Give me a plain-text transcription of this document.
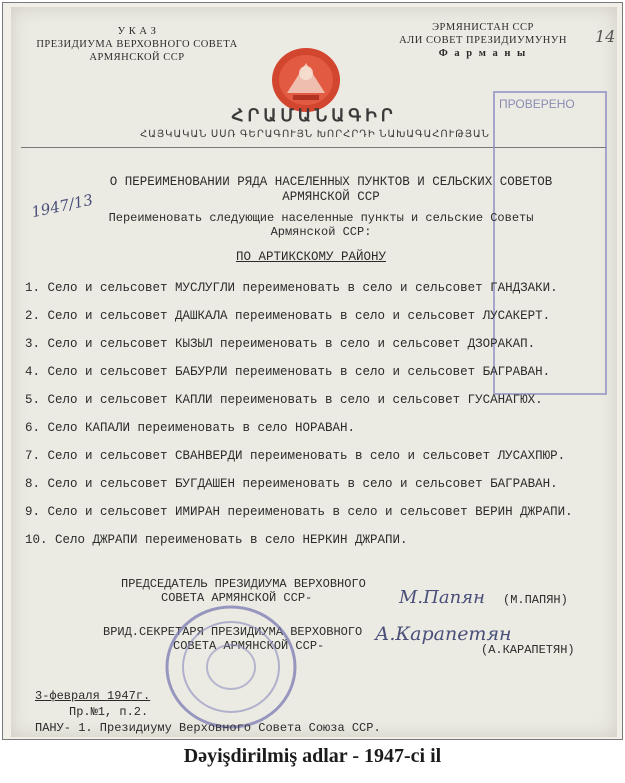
У К А З
ПРЕЗИДИУМА ВЕРХОВНОГО СОВЕТА
АРМЯНСКОЙ ССР
ЭРМЯНИСТАН ССР
АЛИ СОВЕТ ПРЕЗИДИУМУНУН
Ф а р м а н ы
14
ՀՐԱՄԱՆԱԳԻՐ
ՀԱՅԿԱԿԱՆ ՍՍՌ ԳԵՐԱԳՈՒՅՆ ԽՈՐՀՐԴԻ ՆԱԽԱԳԱՀՈՒԹՅԱՆ
ПРОВЕРЕНО
1947/13
О ПЕРЕИМЕНОВАНИИ РЯДА НАСЕЛЕННЫХ ПУНКТОВ И СЕЛЬСКИХ СОВЕТОВ
АРМЯНСКОЙ ССР
Переименовать следующие населенные пункты и сельские Советы
Армянской ССР:
ПО АРТИКСКОМУ РАЙОНУ
1. Село и сельсовет МУСЛУГЛИ переименовать в село и сельсовет ГАНДЗАКИ.
2. Село и сельсовет ДАШКАЛА переименовать в село и сельсовет ЛУСАКЕРТ.
3. Село и сельсовет КЫЗЫЛ переименовать в село и сельсовет ДЗОРАКАП.
4. Село и сельсовет БАБУРЛИ переименовать в село и сельсовет БАГРАВАН.
5. Село и сельсовет КАПЛИ переименовать в село и сельсовет ГУСАНАГЮХ.
6. Село КАПАЛИ переименовать в село НОРАВАН.
7. Село и сельсовет СВАНВЕРДИ переименовать в село и сельсовет ЛУСАХПЮР.
8. Село и сельсовет БУГДАШЕН переименовать в село и сельсовет БАГРАВАН.
9. Село и сельсовет ИМИРАН переименовать в село и сельсовет ВЕРИН ДЖРАПИ.
10. Село ДЖРАПИ переименовать в село НЕРКИН ДЖРАПИ.
ПРЕДСЕДАТЕЛЬ ПРЕЗИДИУМА ВЕРХОВНОГО
СОВЕТА АРМЯНСКОЙ ССР-	(М.ПАПЯН)
М.Папян
ВРИД.СЕКРЕТАРЯ ПРЕЗИДИУМА ВЕРХОВНОГО
СОВЕТА АРМЯНСКОЙ ССР-	(А.КАРАПЕТЯН)
А.Карапетян
3-февраля 1947г.
Пр.№1, п.2.
ПАНУ- 1. Президиуму Верховного Совета Союза ССР.
Dəyişdirilmiş adlar - 1947-ci il
